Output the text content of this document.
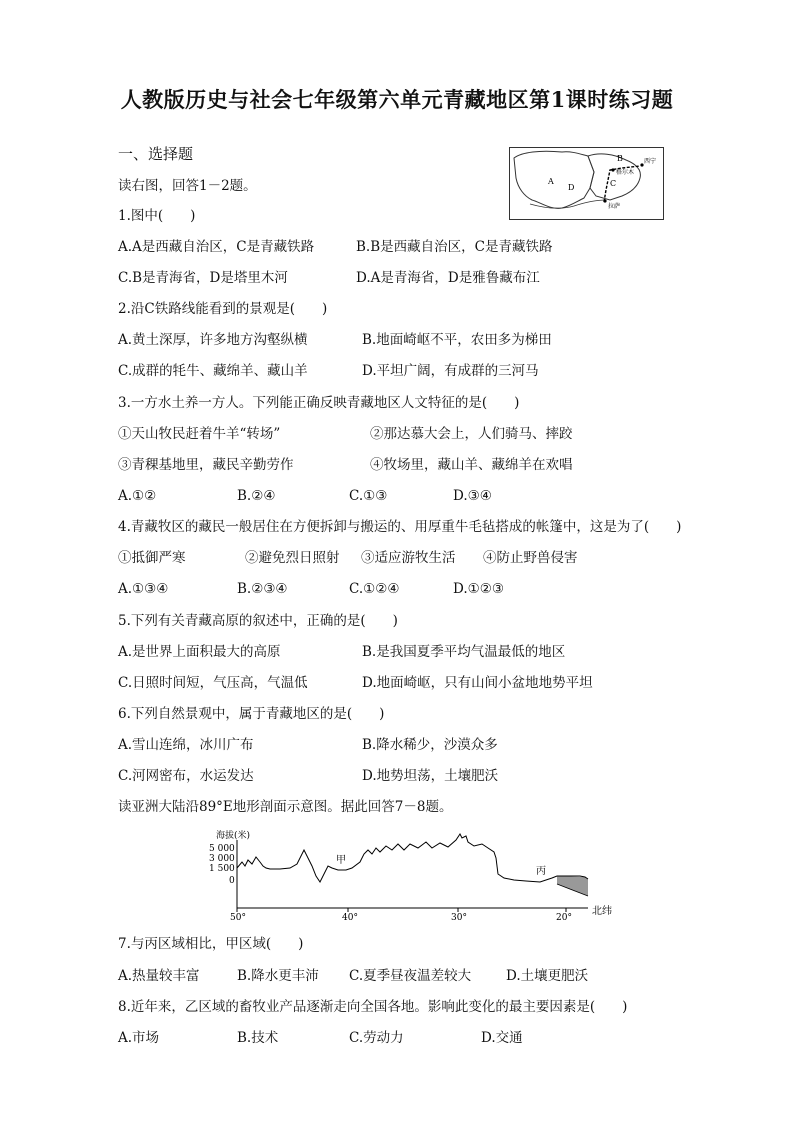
人教版历史与社会七年级第六单元青藏地区第1课时练习题
一、选择题
A
B
C
D
西宁
格尔木
拉萨
读右图，回答1－2题。
1.图中(　　)
A.A是西藏自治区，C是青藏铁路	B.B是西藏自治区，C是青藏铁路
C.B是青海省，D是塔里木河	D.A是青海省，D是雅鲁藏布江
2.沿C铁路线能看到的景观是(　　)
A.黄土深厚，许多地方沟壑纵横	B.地面崎岖不平，农田多为梯田
C.成群的牦牛、藏绵羊、藏山羊	D.平坦广阔，有成群的三河马
3.一方水土养一方人。下列能正确反映青藏地区人文特征的是(　　)
①天山牧民赶着牛羊“转场”	②那达慕大会上，人们骑马、摔跤
③青稞基地里，藏民辛勤劳作	④牧场里，藏山羊、藏绵羊在欢唱
A.①②	B.②④	C.①③	D.③④
4.青藏牧区的藏民一般居住在方便拆卸与搬运的、用厚重牛毛毡搭成的帐篷中，这是为了(　　)
①抵御严寒	②避免烈日照射 ③适应游牧生活 ④防止野兽侵害
A.①③④	B.②③④	C.①②④	D.①②③
5.下列有关青藏高原的叙述中，正确的是(　　)
A.是世界上面积最大的高原	B.是我国夏季平均气温最低的地区
C.日照时间短，气压高，气温低	D.地面崎岖，只有山间小盆地地势平坦
6.下列自然景观中，属于青藏地区的是(　　)
A.雪山连绵，冰川广布	B.降水稀少，沙漠众多
C.河网密布，水运发达	D.地势坦荡，土壤肥沃
读亚洲大陆沿89°E地形剖面示意图。据此回答7－8题。
海拔(米)
5 000
3 000
1 500
0
甲
丙
50°	40°	30°	20°
北纬
7.与丙区域相比，甲区域(　　)
A.热量较丰富	B.降水更丰沛 C.夏季昼夜温差较大	D.土壤更肥沃
8.近年来，乙区域的畜牧业产品逐渐走向全国各地。影响此变化的最主要因素是(　　)
A.市场	B.技术	C.劳动力	D.交通
